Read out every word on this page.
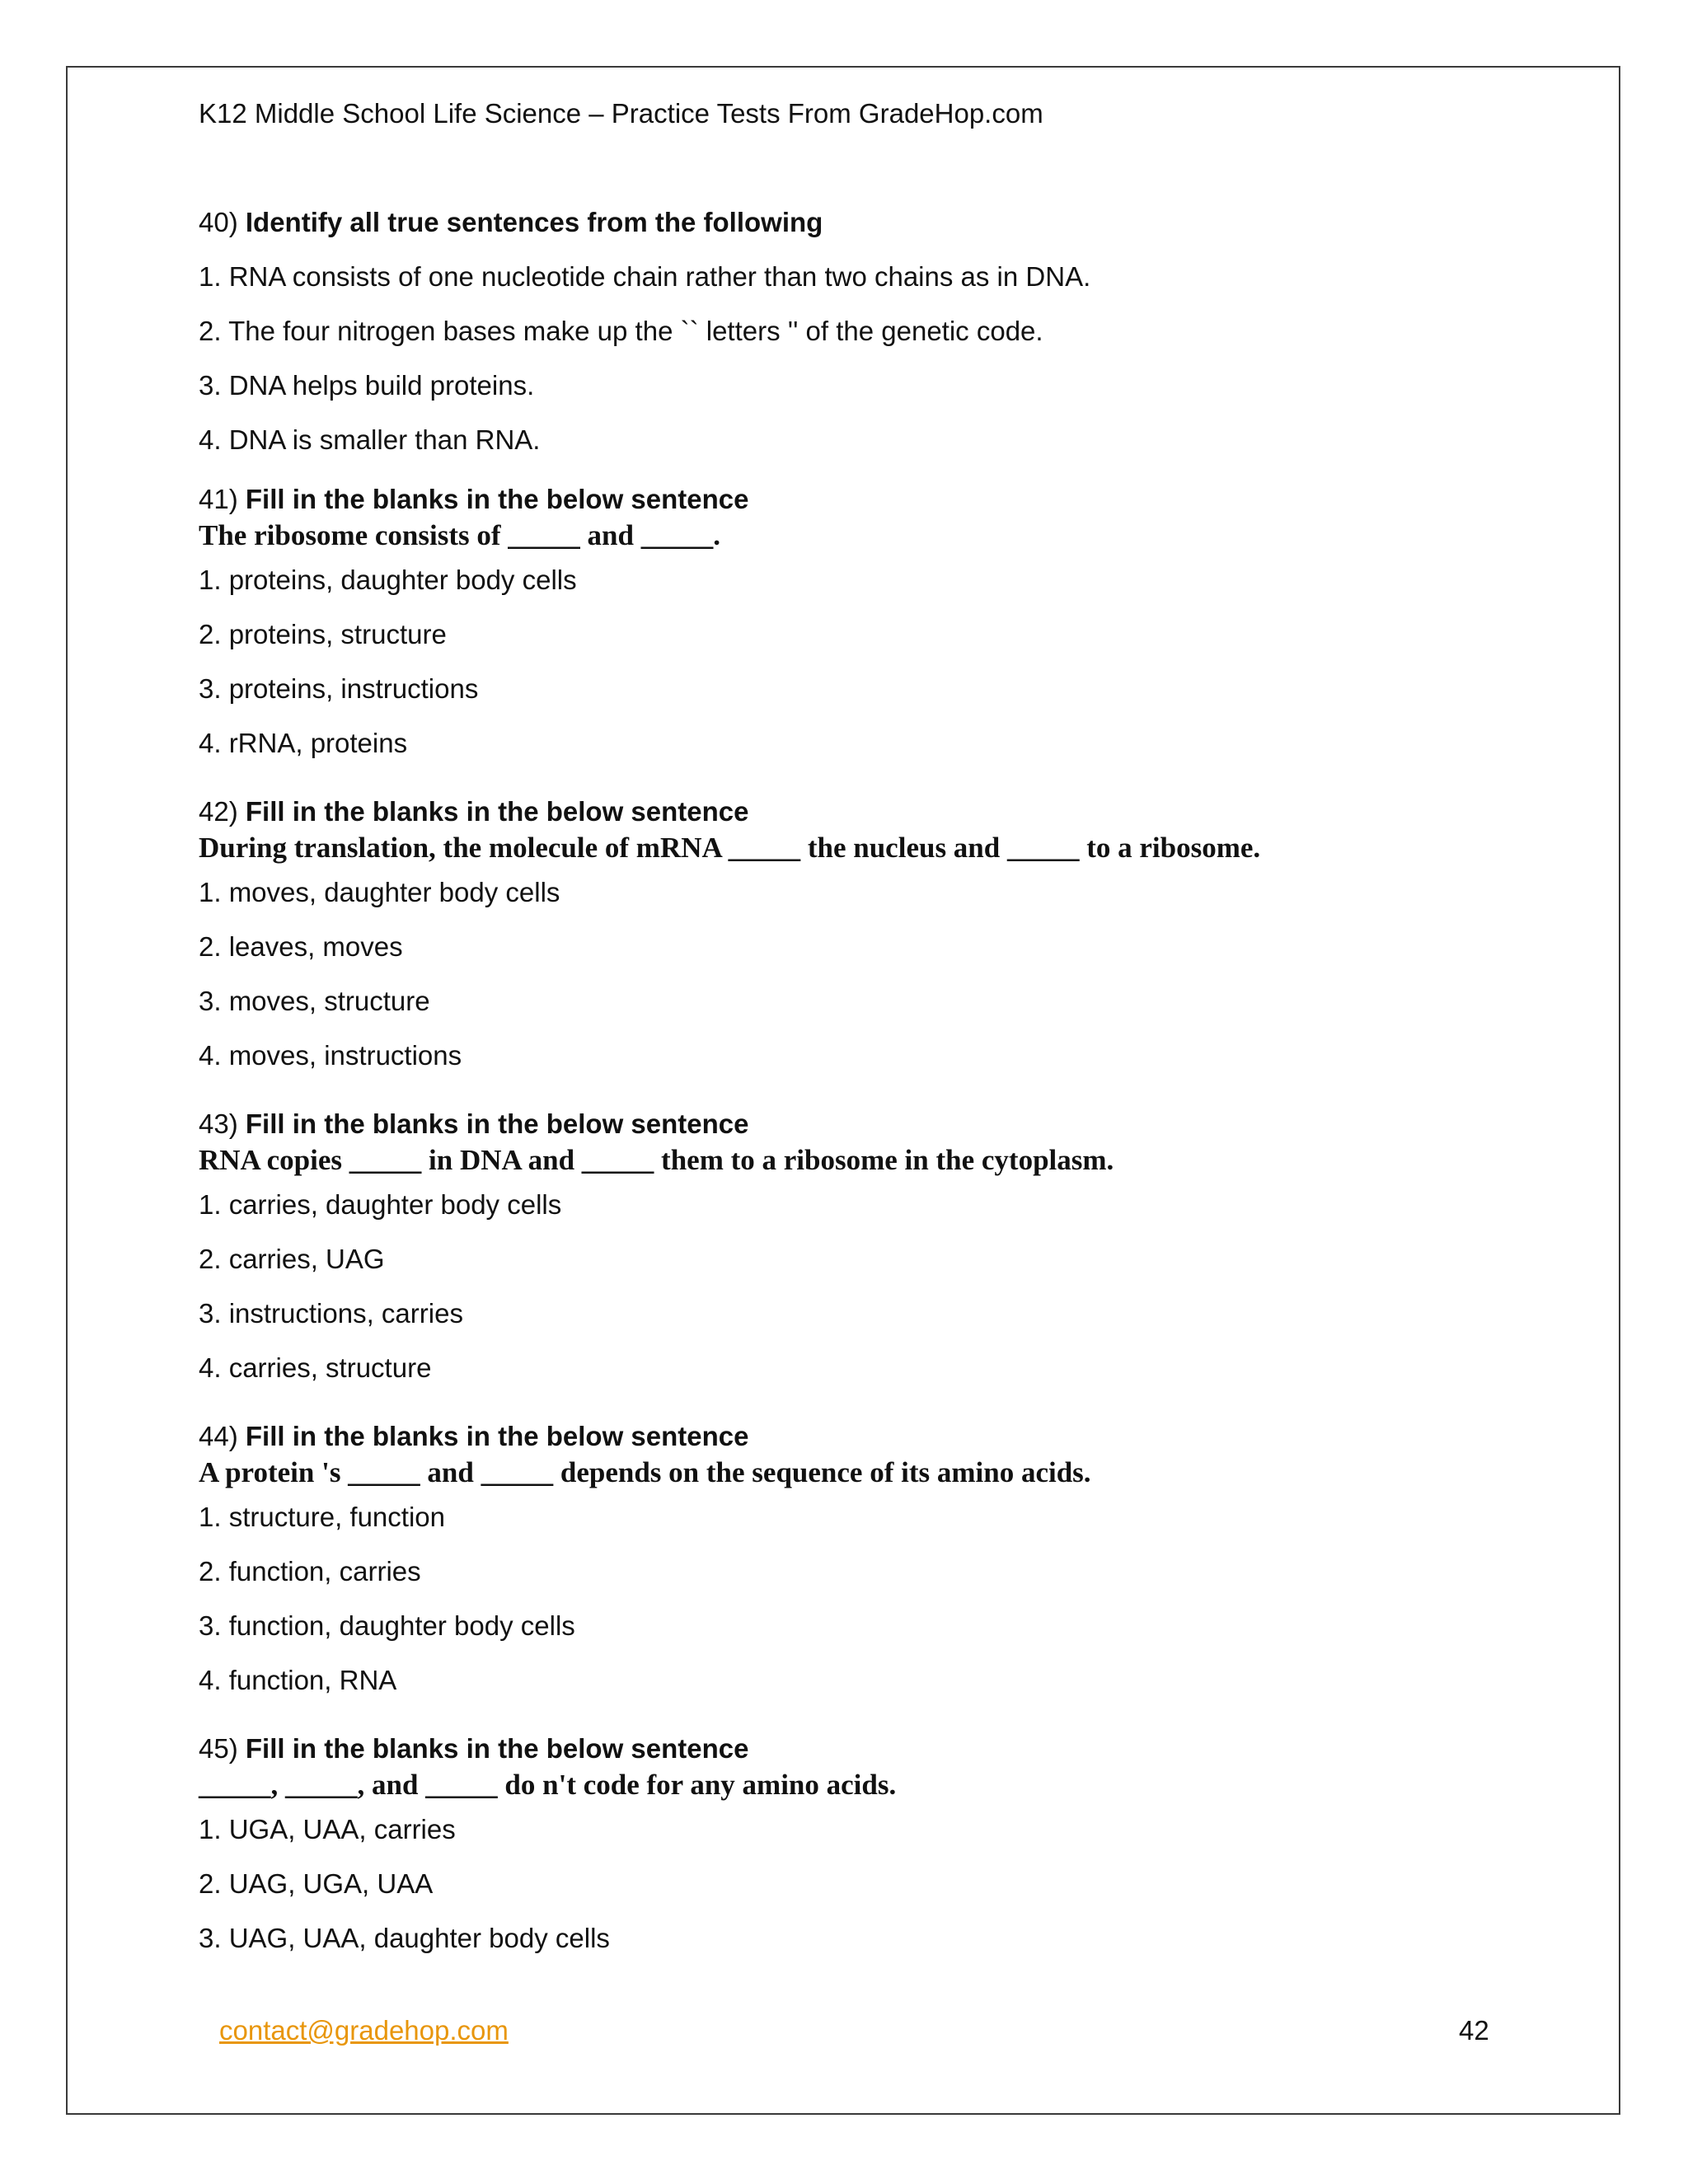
K12 Middle School Life Science – Practice Tests From GradeHop.com
40) Identify all true sentences from the following
1. RNA consists of one nucleotide chain rather than two chains as in DNA.
2. The four nitrogen bases make up the `` letters '' of the genetic code.
3. DNA helps build proteins.
4. DNA is smaller than RNA.
41) Fill in the blanks in the below sentence
The ribosome consists of _____ and _____.
1. proteins, daughter body cells
2. proteins, structure
3. proteins, instructions
4. rRNA, proteins
42) Fill in the blanks in the below sentence
During translation, the molecule of mRNA _____ the nucleus and _____ to a ribosome.
1. moves, daughter body cells
2. leaves, moves
3. moves, structure
4. moves, instructions
43) Fill in the blanks in the below sentence
RNA copies _____ in DNA and _____ them to a ribosome in the cytoplasm.
1. carries, daughter body cells
2. carries, UAG
3. instructions, carries
4. carries, structure
44) Fill in the blanks in the below sentence
A protein 's _____ and _____ depends on the sequence of its amino acids.
1. structure, function
2. function, carries
3. function, daughter body cells
4. function, RNA
45) Fill in the blanks in the below sentence
_____, _____, and _____ do n't code for any amino acids.
1. UGA, UAA, carries
2. UAG, UGA, UAA
3. UAG, UAA, daughter body cells
contact@gradehop.com	42
